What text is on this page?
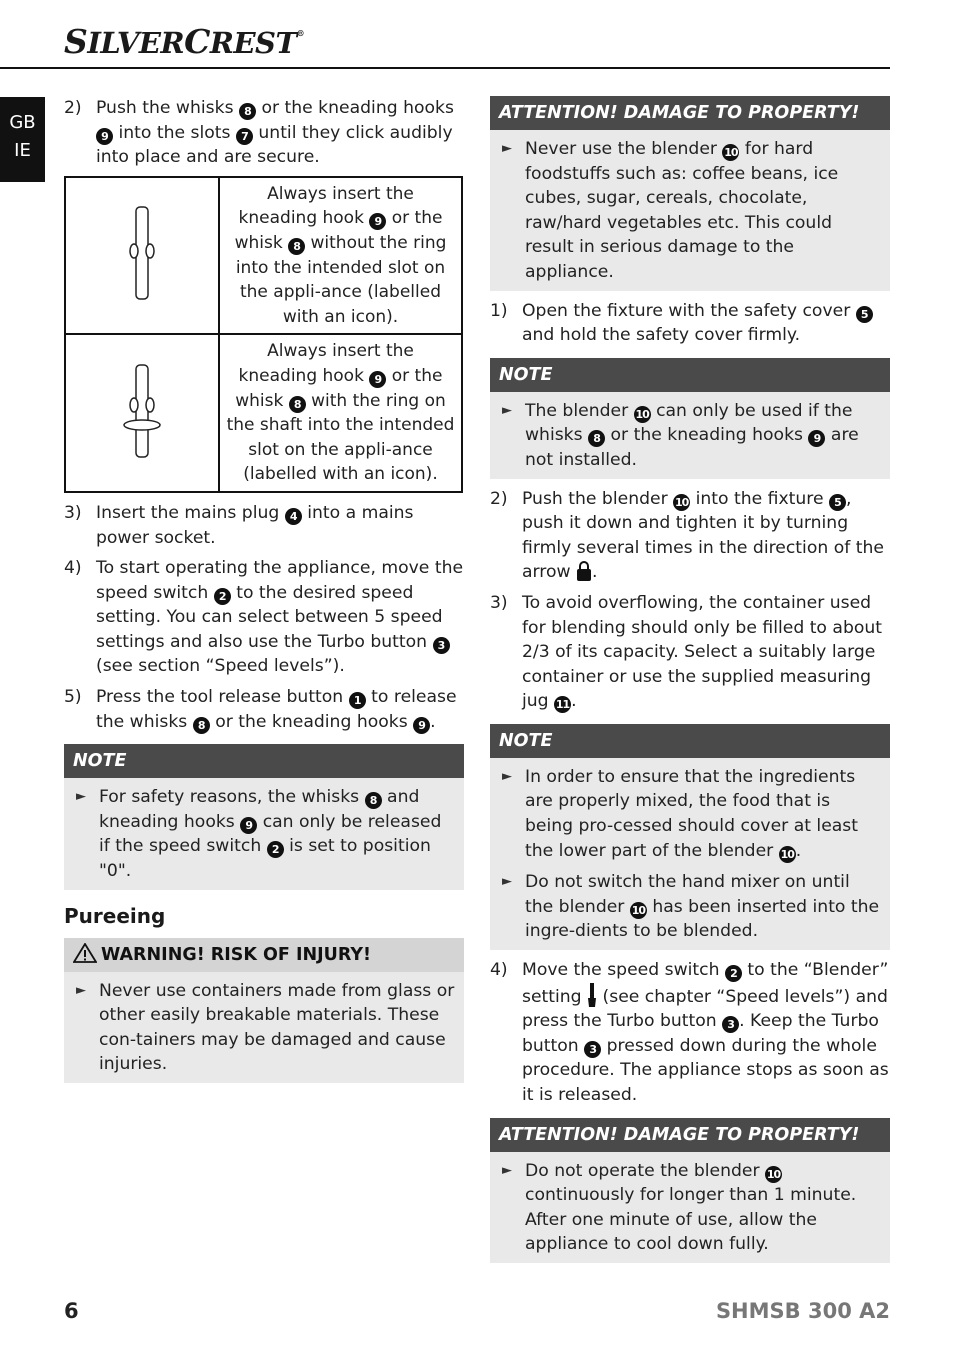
SILVERCREST®
GB
IE
2) Push the whisks 8 or the kneading hooks 9 into the slots 7 until they click audibly into place and are secure.
	Always insert the kneading hook 9 or the whisk 8 without the ring into the intended slot on the appli-ance (labelled with an icon).
	Always insert the kneading hook 9 or the whisk 8 with the ring on the shaft into the intended slot on the appli-ance (labelled with an icon).
3) Insert the mains plug 4 into a mains power socket.
4) To start operating the appliance, move the speed switch 2 to the desired speed setting. You can select between 5 speed settings and also use the Turbo button 3 (see section “Speed levels”).
5) Press the tool release button 1 to release the whisks 8 or the kneading hooks 9 .
NOTE
► For safety reasons, the whisks 8 and kneading hooks 9 can only be released if the speed switch 2 is set to position "0".
Pureeing
WARNING! RISK OF INJURY!
► Never use containers made from glass or other easily breakable materials. These con-tainers may be damaged and cause injuries.
ATTENTION! DAMAGE TO PROPERTY!
► Never use the blender 10 for hard foodstuffs such as: coffee beans, ice cubes, sugar, cereals, chocolate, raw/hard vegetables etc. This could result in serious damage to the appliance.
1) Open the fixture with the safety cover 5 and hold the safety cover firmly.
NOTE
► The blender 10 can only be used if the whisks 8 or the kneading hooks 9 are not installed.
2) Push the blender 10 into the fixture 5 , push it down and tighten it by turning firmly several times in the direction of the arrow .
3) To avoid overflowing, the container used for blending should only be filled to about 2/3 of its capacity. Select a suitably large container or use the supplied measuring jug 11 .
NOTE
► In order to ensure that the ingredients are properly mixed, the food that is being pro-cessed should cover at least the lower part of the blender 10 .
► Do not switch the hand mixer on until the blender 10 has been inserted into the ingre-dients to be blended.
4) Move the speed switch 2 to the “Blender” setting (see chapter “Speed levels”) and press the Turbo button 3 . Keep the Turbo button 3 pressed down during the whole procedure. The appliance stops as soon as it is released.
ATTENTION! DAMAGE TO PROPERTY!
► Do not operate the blender 10 continuously for longer than 1 minute. After one minute of use, allow the appliance to cool down fully.
6	SHMSB 300 A2
